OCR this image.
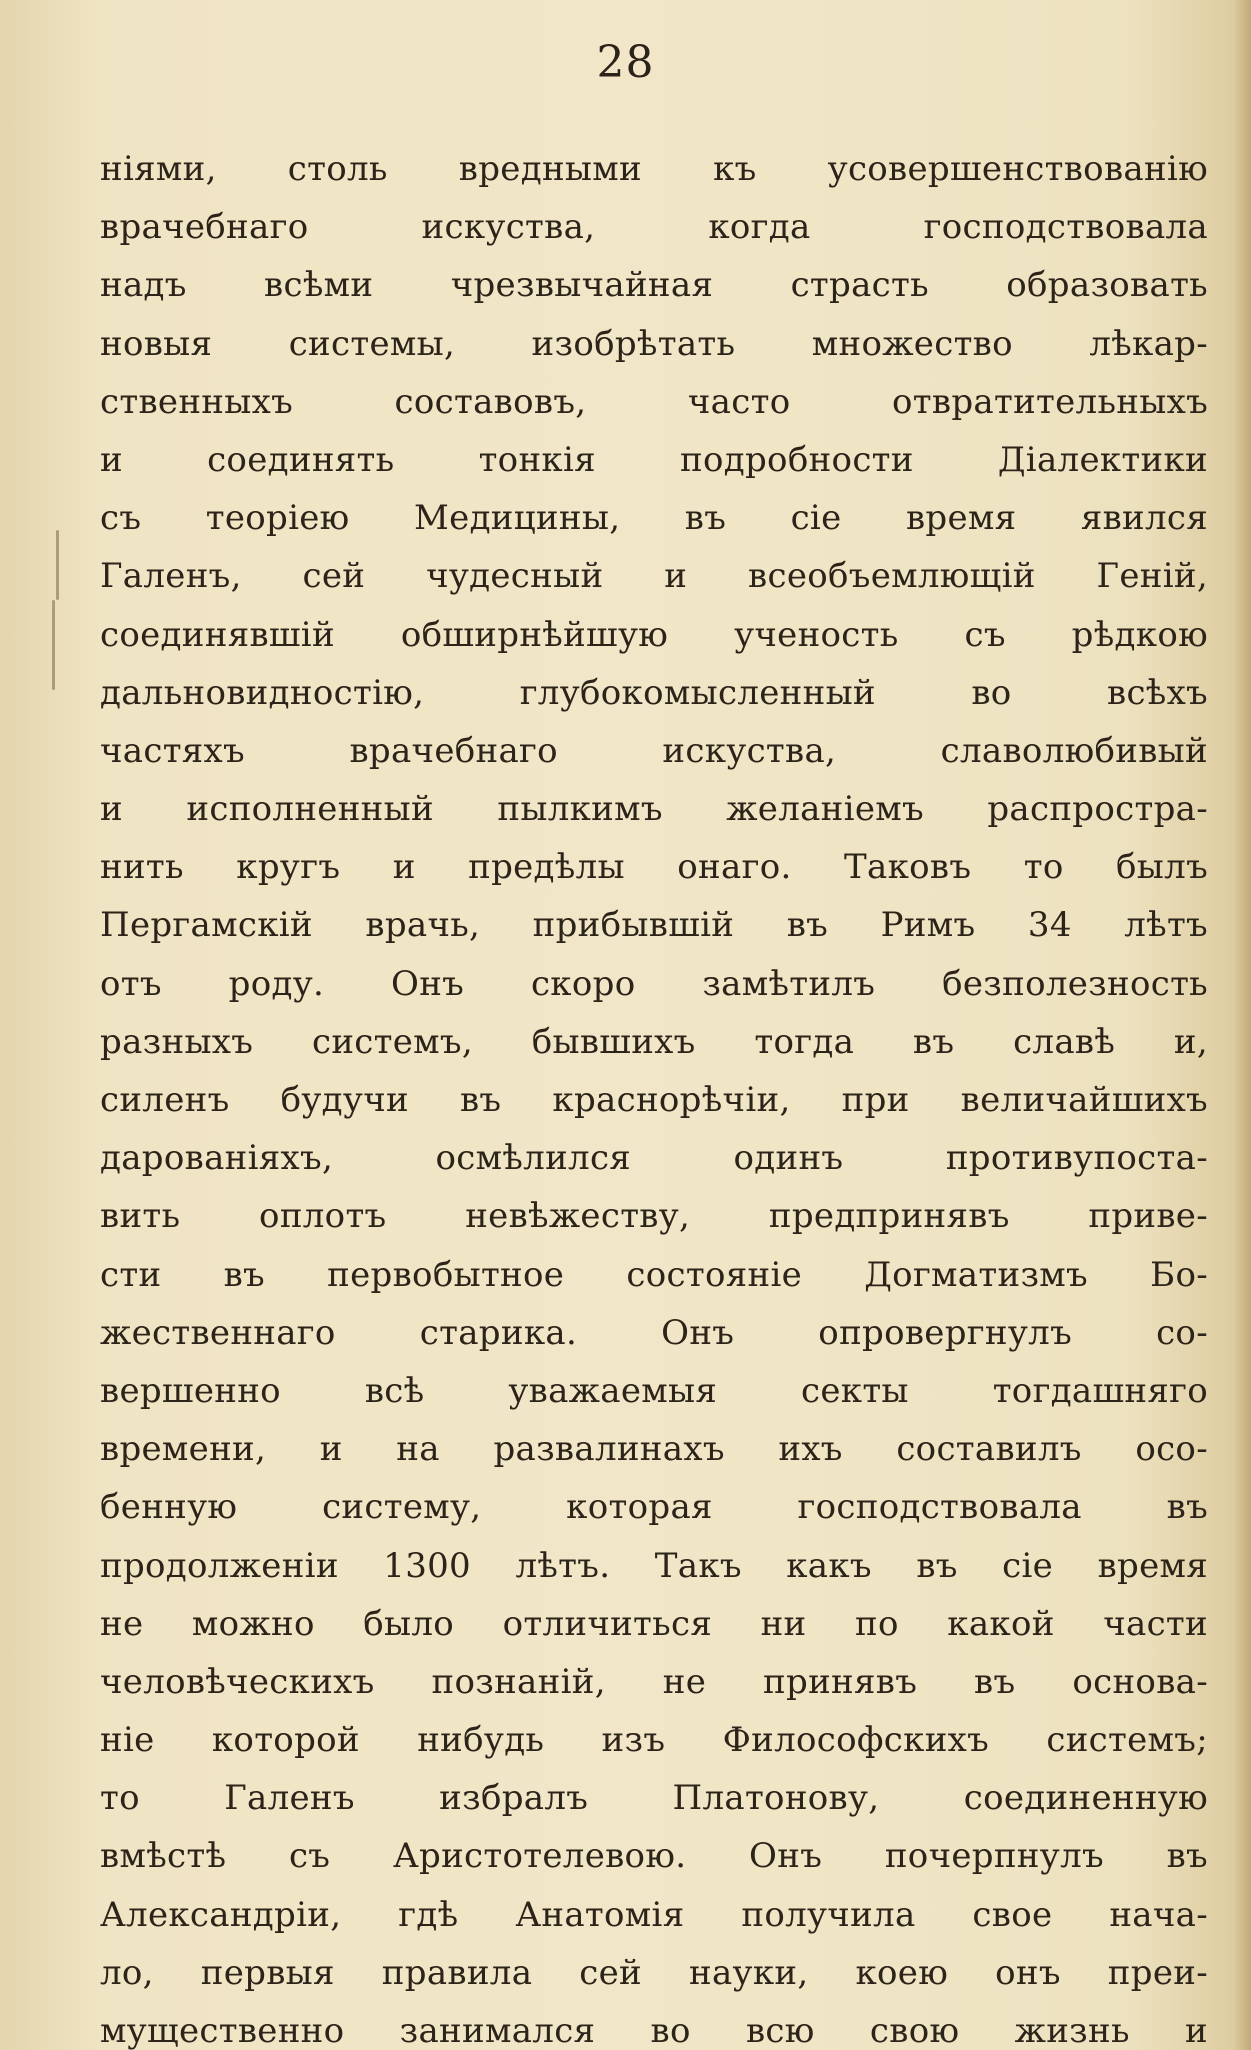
28
ніями, столь вредными къ усовершенствованію
врачебнаго искуства, когда господствовала
надъ всѣми чрезвычайная страсть образовать
новыя системы, изобрѣтать множество лѣкар-
ственныхъ составовъ, часто отвратительныхъ
и соединять тонкія подробности Діалектики
съ теоріею Медицины, въ сіе время явился
Галенъ, сей чудесный и всеобъемлющій Геній,
соединявшій обширнѣйшую ученость съ рѣдкою
дальновидностію, глубокомысленный во всѣхъ
частяхъ врачебнаго искуства, славолюбивый
и исполненный пылкимъ желаніемъ распростра-
нить кругъ и предѣлы онаго. Таковъ то былъ
Пергамскій врачь, прибывшій въ Римъ 34 лѣтъ
отъ роду. Онъ скоро замѣтилъ безполезность
разныхъ системъ, бывшихъ тогда въ славѣ и,
силенъ будучи въ краснорѣчіи, при величайшихъ
дарованіяхъ, осмѣлился одинъ противупоста-
вить оплотъ невѣжеству, предпринявъ приве-
сти въ первобытное состояніе Догматизмъ Бо-
жественнаго старика. Онъ опровергнулъ со-
вершенно всѣ уважаемыя секты тогдашняго
времени, и на развалинахъ ихъ составилъ осо-
бенную систему, которая господствовала въ
продолженіи 1300 лѣтъ. Такъ какъ въ сіе время
не можно было отличиться ни по какой части
человѣческихъ познаній, не принявъ въ основа-
ніе которой нибудь изъ Философскихъ системъ;
то Галенъ избралъ Платонову, соединенную
вмѣстѣ съ Аристотелевою. Онъ почерпнулъ въ
Александріи, гдѣ Анатомія получила свое нача-
ло, первыя правила сей науки, коею онъ преи-
мущественно занимался во всю свою жизнь и
